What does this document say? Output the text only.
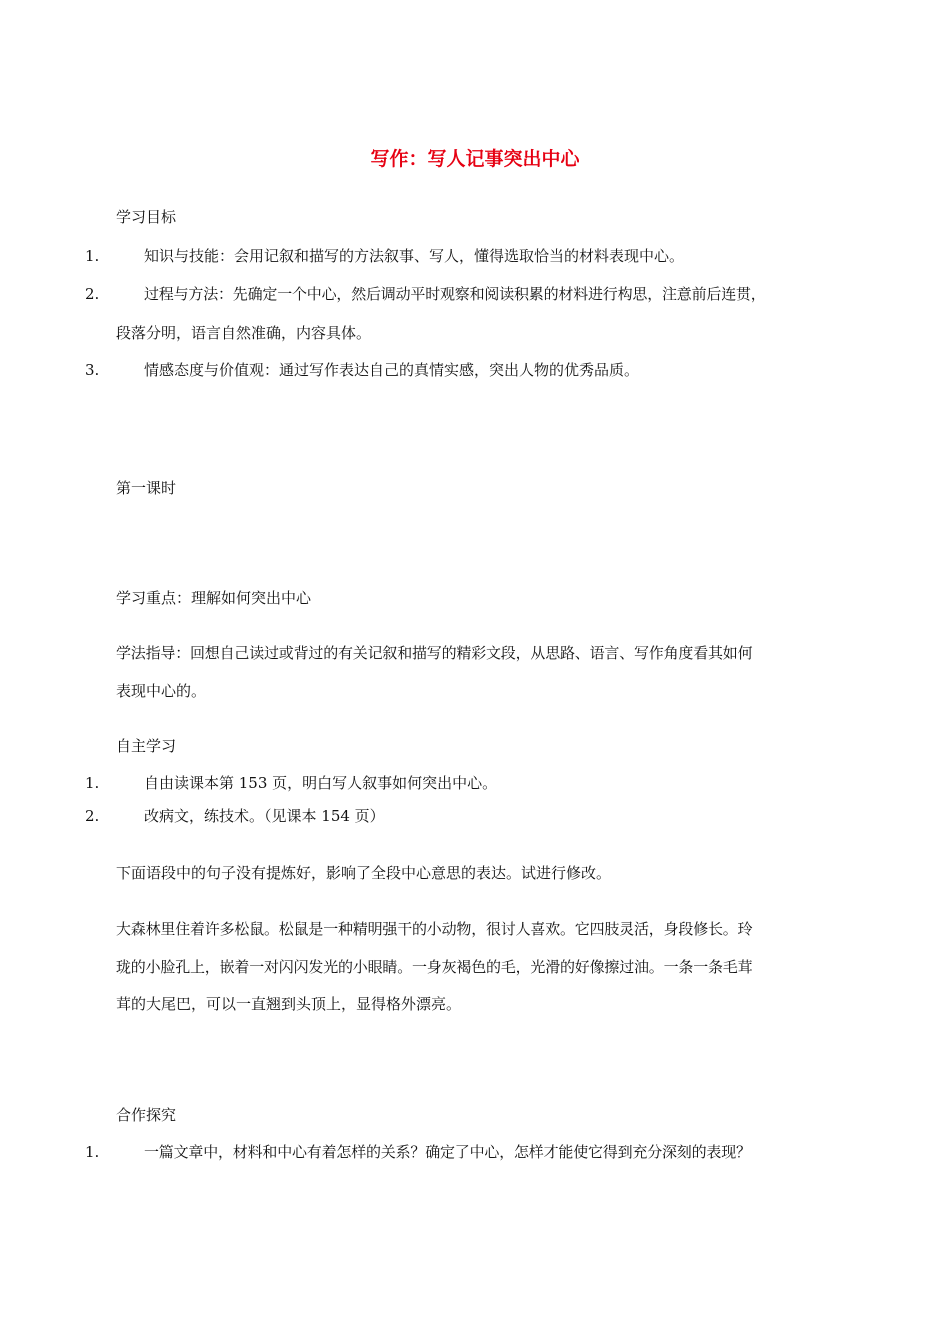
写作：写人记事突出中心
学习目标
1.	知识与技能：会用记叙和描写的方法叙事、写人，懂得选取恰当的材料表现中心。
2.	过程与方法：先确定一个中心，然后调动平时观察和阅读积累的材料进行构思，注意前后连贯，
段落分明，语言自然准确，内容具体。
3.	情感态度与价值观：通过写作表达自己的真情实感，突出人物的优秀品质。
第一课时
学习重点：理解如何突出中心
学法指导：回想自己读过或背过的有关记叙和描写的精彩文段，从思路、语言、写作角度看其如何
表现中心的。
自主学习
1.	自由读课本第 153 页，明白写人叙事如何突出中心。
2.	改病文，练技术。（见课本 154 页）
下面语段中的句子没有提炼好，影响了全段中心意思的表达。试进行修改。
大森林里住着许多松鼠。松鼠是一种精明强干的小动物，很讨人喜欢。它四肢灵活，身段修长。玲
珑的小脸孔上，嵌着一对闪闪发光的小眼睛。一身灰褐色的毛，光滑的好像擦过油。一条一条毛茸
茸的大尾巴，可以一直翘到头顶上，显得格外漂亮。
合作探究
1.	一篇文章中，材料和中心有着怎样的关系？确定了中心，怎样才能使它得到充分深刻的表现？
